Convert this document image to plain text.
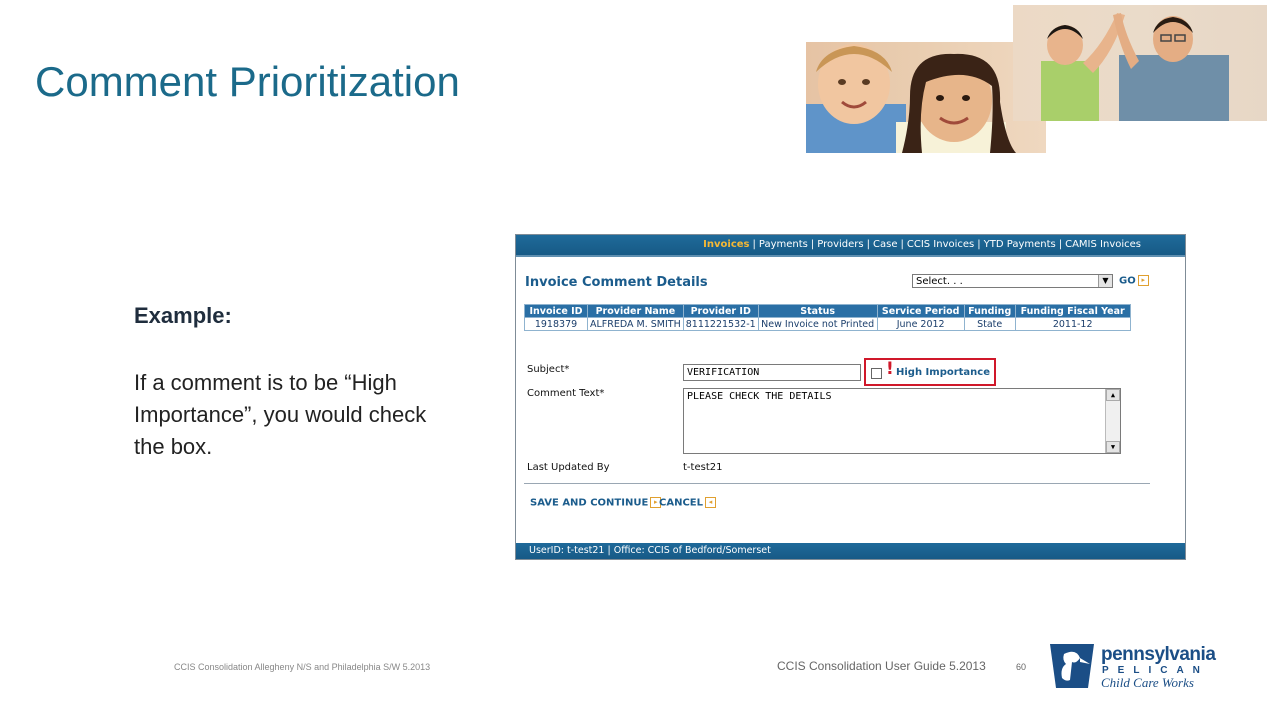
Comment Prioritization
Example:
If a comment is to be “High Importance”, you would check the box.
Invoices | Payments | Providers | Case | CCIS Invoices | YTD Payments | CAMIS Invoices
Invoice Comment Details	Select. . .	▼	GO ▸
Invoice ID	Provider Name	Provider ID	Status	Service Period	Funding	Funding Fiscal Year
1918379	ALFREDA M. SMITH	8111221532-1	New Invoice not Printed	June 2012	State	2011-12
Subject*	VERIFICATION	! High Importance
Comment Text*	PLEASE CHECK THE DETAILS	▲
▼
Last Updated By	t-test21
SAVE AND CONTINUE ▸ CANCEL ◂
UserID: t-test21 | Office: CCIS of Bedford/Somerset
CCIS Consolidation Allegheny N/S and Philadelphia S/W 5.2013	CCIS Consolidation User Guide 5.2013	60
pennsylvania
PELICAN
Child Care Works
